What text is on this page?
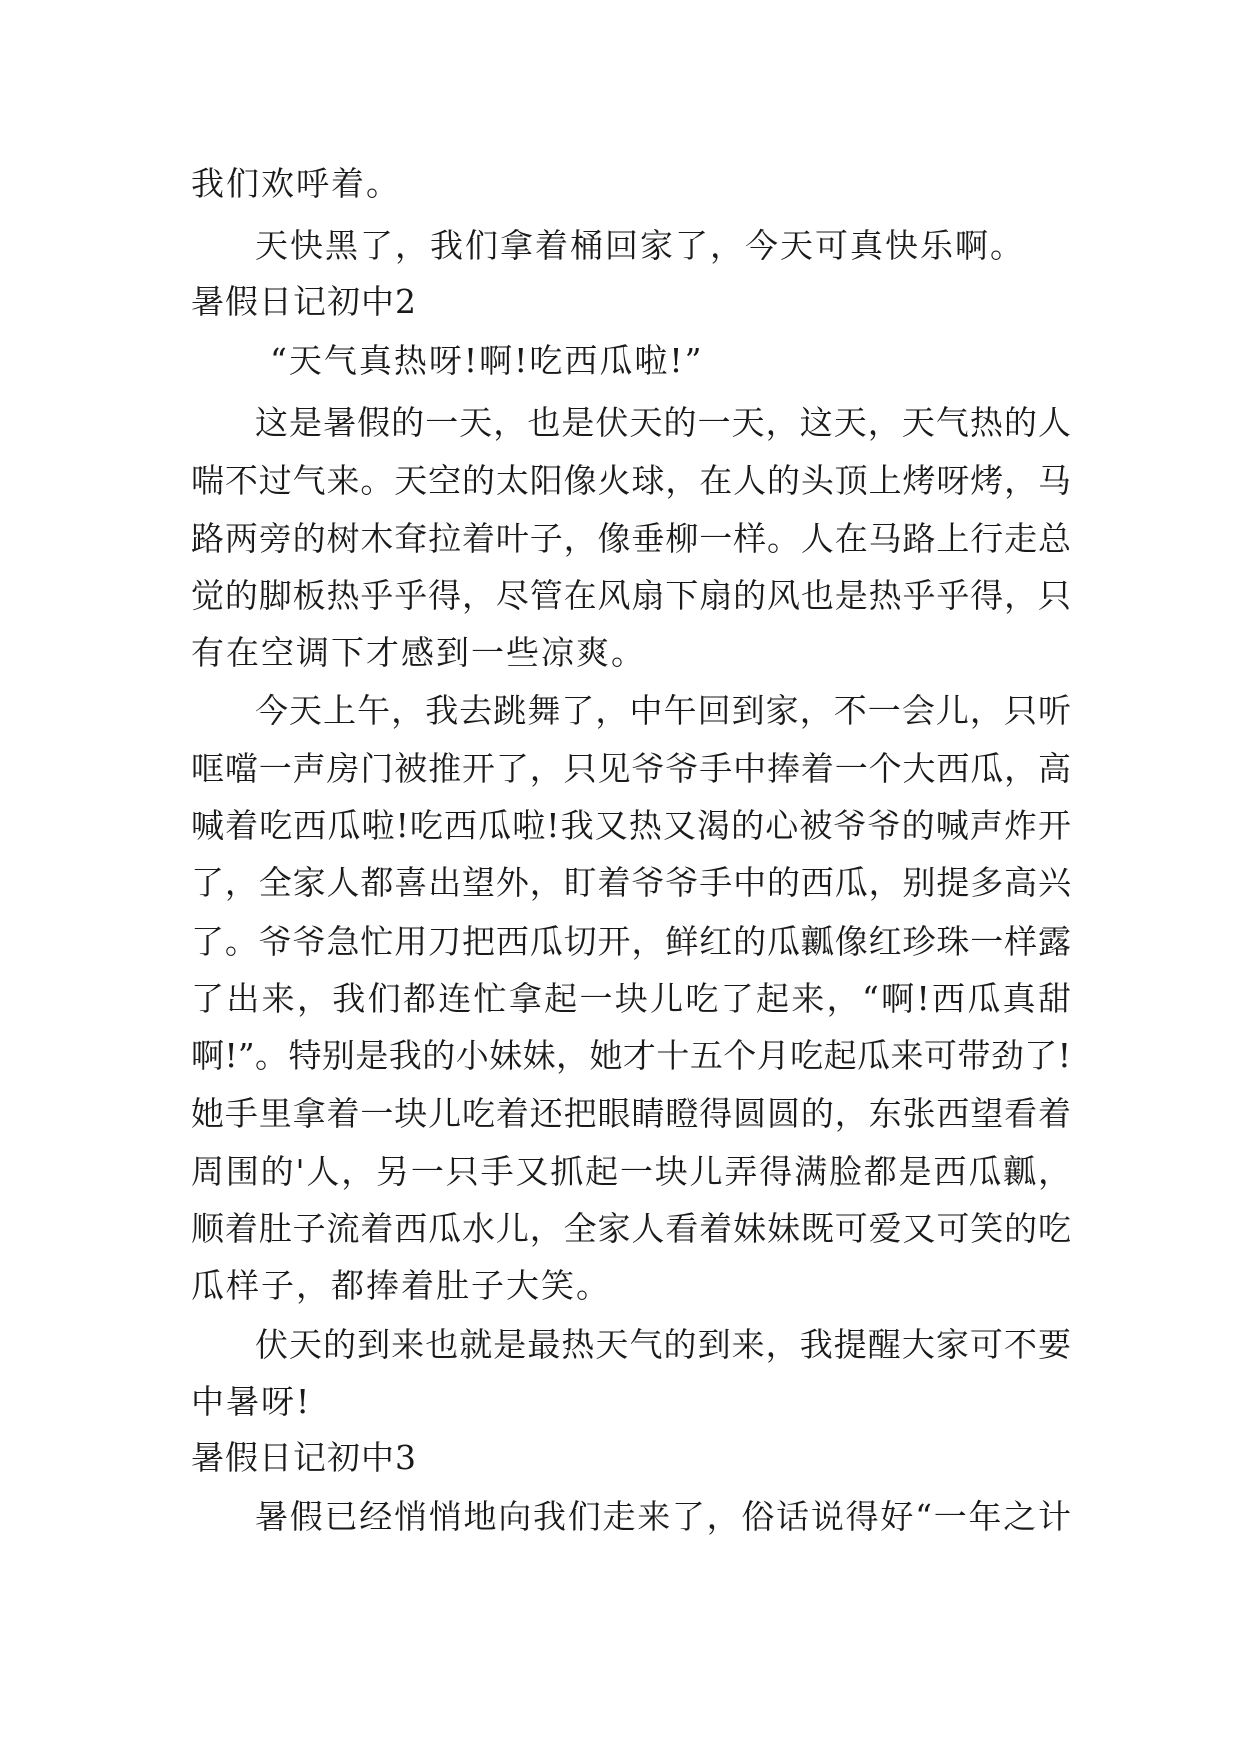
我们欢呼着。
天快黑了，我们拿着桶回家了，今天可真快乐啊。
暑假日记初中2
“天气真热呀!啊!吃西瓜啦!”
这是暑假的一天，也是伏天的一天，这天，天气热的人
喘不过气来。天空的太阳像火球，在人的头顶上烤呀烤，马
路两旁的树木耷拉着叶子，像垂柳一样。人在马路上行走总
觉的脚板热乎乎得，尽管在风扇下扇的风也是热乎乎得，只
有在空调下才感到一些凉爽。
今天上午，我去跳舞了，中午回到家，不一会儿，只听
哐噹一声房门被推开了，只见爷爷手中捧着一个大西瓜，高
喊着吃西瓜啦!吃西瓜啦!我又热又渴的心被爷爷的喊声炸开
了，全家人都喜出望外，盯着爷爷手中的西瓜，别提多高兴
了。爷爷急忙用刀把西瓜切开，鲜红的瓜瓤像红珍珠一样露
了出来，我们都连忙拿起一块儿吃了起来，“啊!西瓜真甜
啊!”。特别是我的小妹妹，她才十五个月吃起瓜来可带劲了!
她手里拿着一块儿吃着还把眼睛瞪得圆圆的，东张西望看着
周围的'人，另一只手又抓起一块儿弄得满脸都是西瓜瓤，
顺着肚子流着西瓜水儿，全家人看着妹妹既可爱又可笑的吃
瓜样子，都捧着肚子大笑。
伏天的到来也就是最热天气的到来，我提醒大家可不要
中暑呀!
暑假日记初中3
暑假已经悄悄地向我们走来了，俗话说得好“一年之计
